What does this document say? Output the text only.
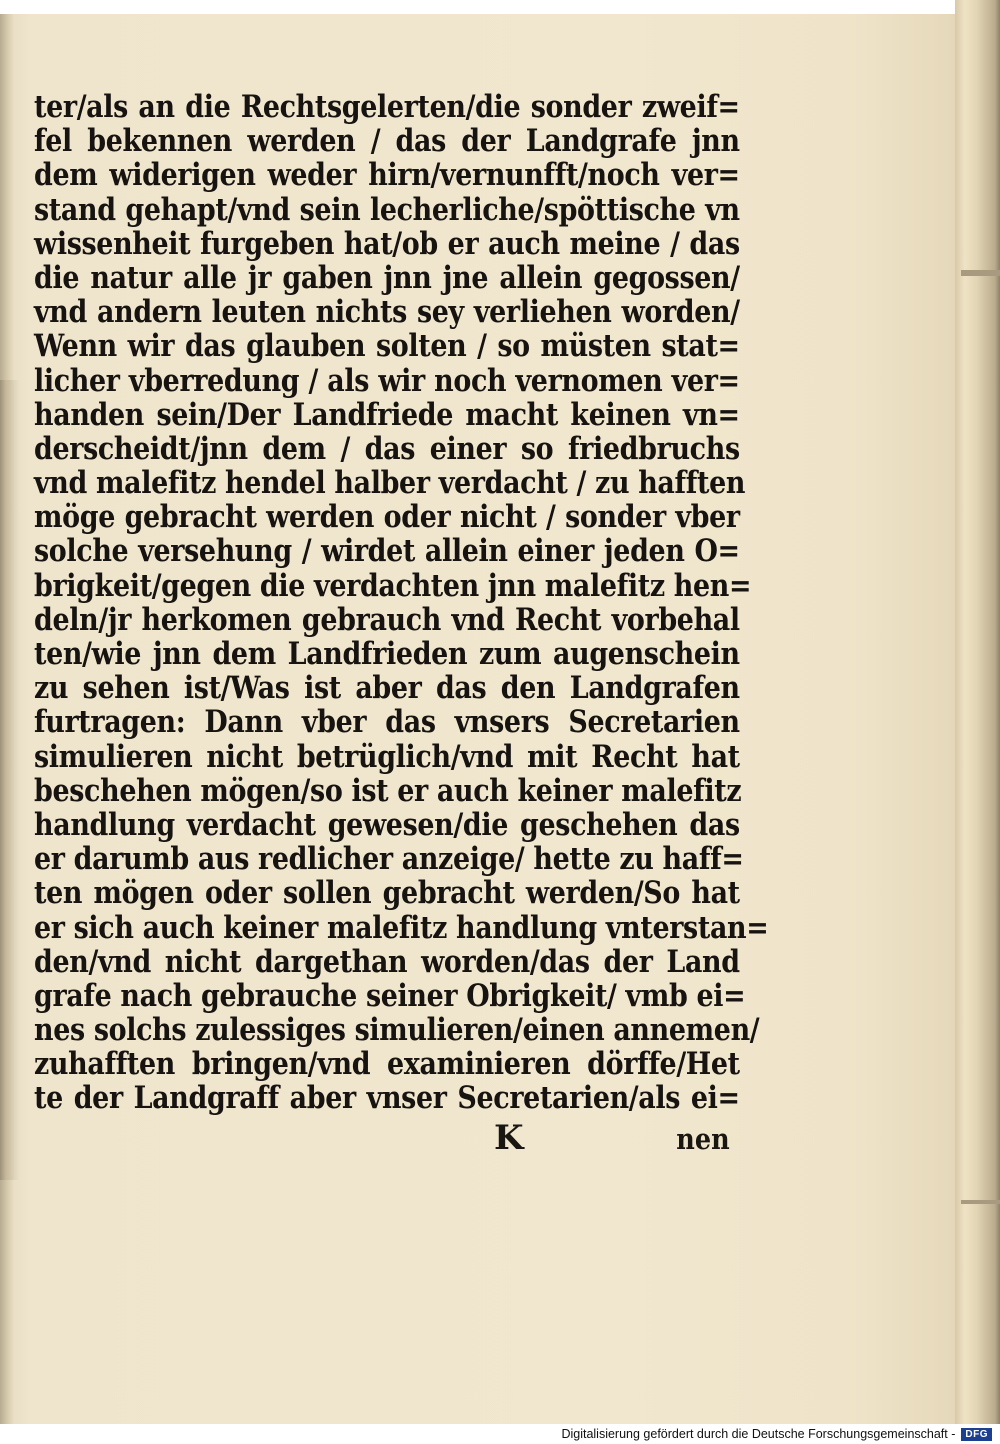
ter/als an die Rechtsgelerten/die sonder zweif=
fel bekennen werden / das der Landgrafe jnn
dem widerigen weder hirn/vernunfft/noch ver=
stand gehapt/vnd sein lecherliche/spöttische vn
wissenheit furgeben hat/ob er auch meine / das
die natur alle jr gaben jnn jne allein gegossen/
vnd andern leuten nichts sey verliehen worden/
Wenn wir das glauben solten / so müsten stat=
licher vberredung / als wir noch vernomen ver=
handen sein/Der Landfriede macht keinen vn=
derscheidt/jnn dem / das einer so friedbruchs
vnd malefitz hendel halber verdacht / zu hafften
möge gebracht werden oder nicht / sonder vber
solche versehung / wirdet allein einer jeden O=
brigkeit/gegen die verdachten jnn malefitz hen=
deln/jr herkomen gebrauch vnd Recht vorbehal
ten/wie jnn dem Landfrieden zum augenschein
zu sehen ist/Was ist aber das den Landgrafen
furtragen: Dann vber das vnsers Secretarien
simulieren nicht betrüglich/vnd mit Recht hat
beschehen mögen/so ist er auch keiner malefitz
handlung verdacht gewesen/die geschehen das
er darumb aus redlicher anzeige/ hette zu haff=
ten mögen oder sollen gebracht werden/So hat
er sich auch keiner malefitz handlung vnterstan=
den/vnd nicht dargethan worden/das der Land
grafe nach gebrauche seiner Obrigkeit/ vmb ei=
nes solchs zulessiges simulieren/einen annemen/
zuhafften bringen/vnd examinieren dörffe/Het
te der Landgraff aber vnser Secretarien/als ei=
K	nen
Digitalisierung gefördert durch die Deutsche Forschungsgemeinschaft -	DFG
